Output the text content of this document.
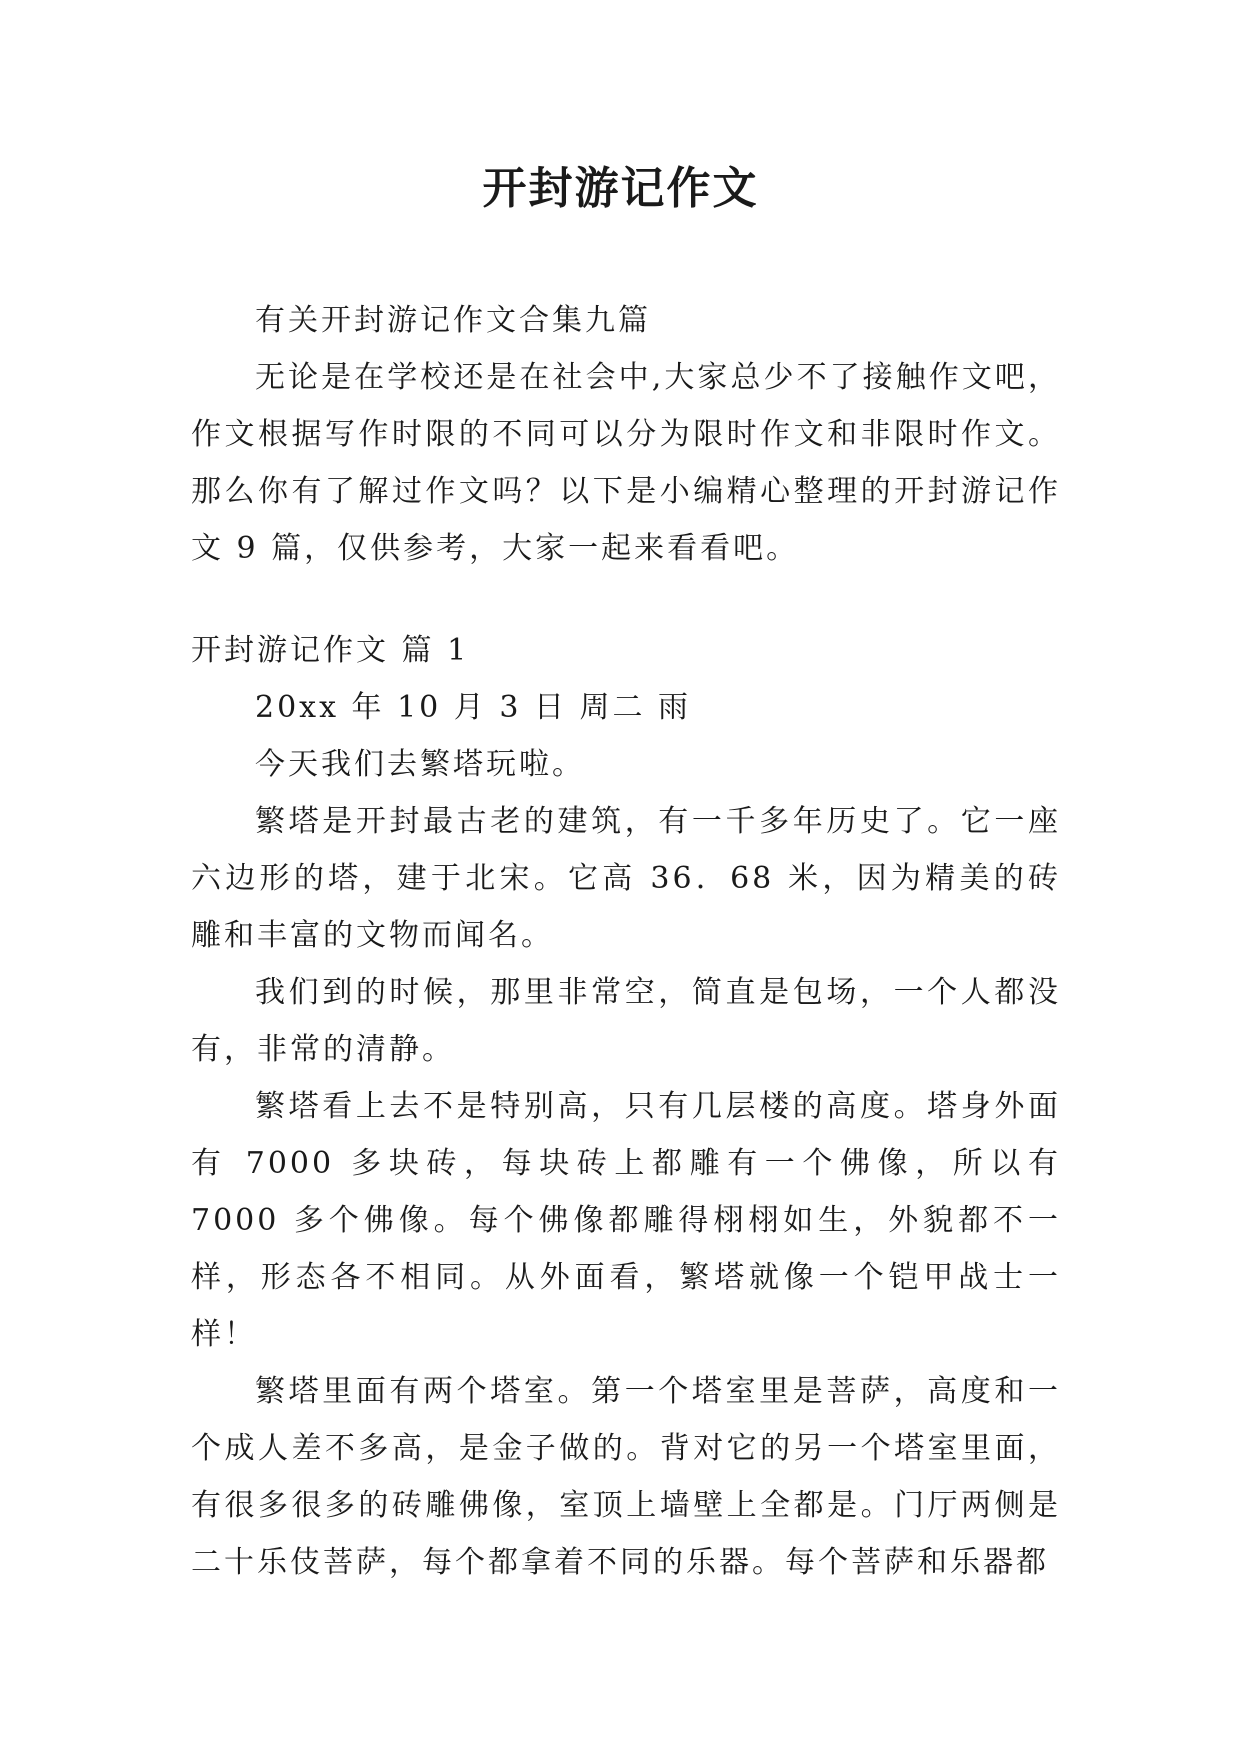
开封游记作文

有关开封游记作文合集九篇

无论是在学校还是在社会中,大家总少不了接触作文吧，作文根据写作时限的不同可以分为限时作文和非限时作文。那么你有了解过作文吗？以下是小编精心整理的开封游记作文 9 篇，仅供参考，大家一起来看看吧。

开封游记作文 篇 1

20xx 年 10 月 3 日 周二 雨

今天我们去繁塔玩啦。

繁塔是开封最古老的建筑，有一千多年历史了。它一座六边形的塔，建于北宋。它高 36．68 米，因为精美的砖雕和丰富的文物而闻名。

我们到的时候，那里非常空，简直是包场，一个人都没有，非常的清静。

繁塔看上去不是特别高，只有几层楼的高度。塔身外面有 7000 多块砖，每块砖上都雕有一个佛像，所以有 7000 多个佛像。每个佛像都雕得栩栩如生，外貌都不一样，形态各不相同。从外面看，繁塔就像一个铠甲战士一样！

繁塔里面有两个塔室。第一个塔室里是菩萨，高度和一个成人差不多高，是金子做的。背对它的另一个塔室里面，有很多很多的砖雕佛像，室顶上墙壁上全都是。门厅两侧是二十乐伎菩萨，每个都拿着不同的乐器。每个菩萨和乐器都
